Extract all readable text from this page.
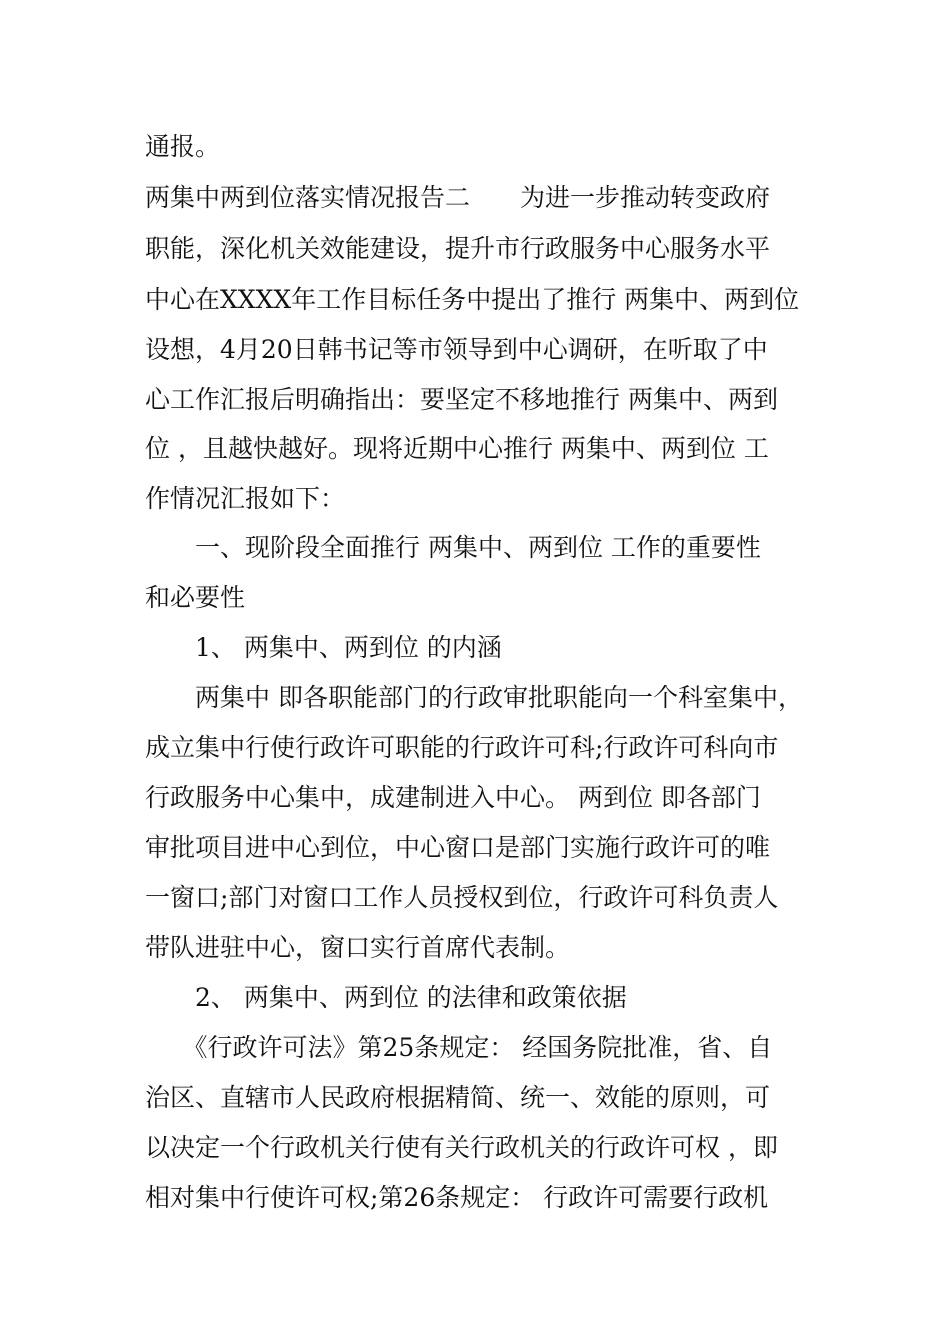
通报。
两集中两到位落实情况报告二　　为进一步推动转变政府
职能，深化机关效能建设，提升市行政服务中心服务水平
中心在XXXX年工作目标任务中提出了推行 两集中、两到位
设想，4月20日韩书记等市领导到中心调研，在听取了中
心工作汇报后明确指出：要坚定不移地推行 两集中、两到
位 ，且越快越好。现将近期中心推行 两集中、两到位 工
作情况汇报如下：
　　一、现阶段全面推行 两集中、两到位 工作的重要性
和必要性
　　1、 两集中、两到位 的内涵
　　两集中 即各职能部门的行政审批职能向一个科室集中，
成立集中行使行政许可职能的行政许可科;行政许可科向市
行政服务中心集中，成建制进入中心。 两到位 即各部门
审批项目进中心到位，中心窗口是部门实施行政许可的唯
一窗口;部门对窗口工作人员授权到位，行政许可科负责人
带队进驻中心，窗口实行首席代表制。
　　2、 两集中、两到位 的法律和政策依据
　　《行政许可法》第25条规定： 经国务院批准，省、自
治区、直辖市人民政府根据精简、统一、效能的原则，可
以决定一个行政机关行使有关行政机关的行政许可权 ，即
相对集中行使许可权;第26条规定： 行政许可需要行政机
